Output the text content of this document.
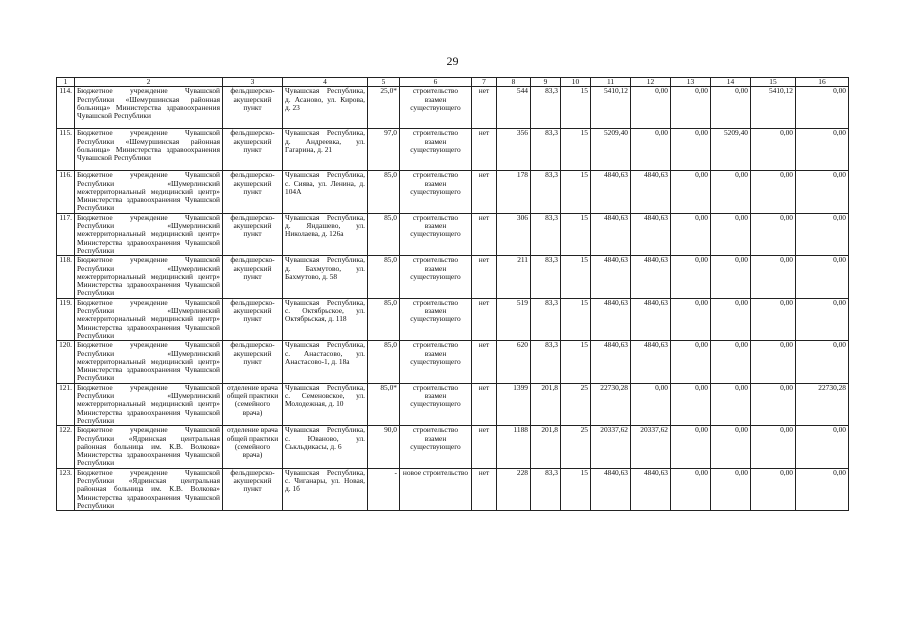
29
1	2	3	4	5	6	7	8	9	10	11	12	13	14	15	16
114.	Бюджетное учреждение Чувашской Республики «Шемуршинская районная больница» Министерства здравоохранения Чувашской Республики	фельдшерско-акушерский пункт	Чувашская Республика, д. Асаново, ул. Кирова, д. 23	25,0*	строительство взамен существующего	нет	544	83,3	15	5410,12	0,00	0,00	0,00	5410,12	0,00
115.	Бюджетное учреждение Чувашской Республики «Шемуршинская районная больница» Министерства здравоохранения Чувашской Республики	фельдшерско-акушерский пункт	Чувашская Республика, д. Андреевка, ул. Гагарина, д. 21	97,0	строительство взамен существующего	нет	356	83,3	15	5209,40	0,00	0,00	5209,40	0,00	0,00
116.	Бюджетное учреждение Чувашской Республики «Шумерлинский межтерриториальный медицинский центр» Министерства здравоохранения Чувашской Республики	фельдшерско-акушерский пункт	Чувашская Республика, с. Сиява, ул. Ленина, д. 104А	85,0	строительство взамен существующего	нет	178	83,3	15	4840,63	4840,63	0,00	0,00	0,00	0,00
117.	Бюджетное учреждение Чувашской Республики «Шумерлинский межтерриториальный медицинский центр» Министерства здравоохранения Чувашской Республики	фельдшерско-акушерский пункт	Чувашская Республика, д. Яндашево, ул. Николаева, д. 126а	85,0	строительство взамен существующего	нет	306	83,3	15	4840,63	4840,63	0,00	0,00	0,00	0,00
118.	Бюджетное учреждение Чувашской Республики «Шумерлинский межтерриториальный медицинский центр» Министерства здравоохранения Чувашской Республики	фельдшерско-акушерский пункт	Чувашская Республика, д. Бахмутово, ул. Бахмутово, д. 58	85,0	строительство взамен существующего	нет	211	83,3	15	4840,63	4840,63	0,00	0,00	0,00	0,00
119.	Бюджетное учреждение Чувашской Республики «Шумерлинский межтерриториальный медицинский центр» Министерства здравоохранения Чувашской Республики	фельдшерско-акушерский пункт	Чувашская Республика, с. Октябрьское, ул. Октябрьская, д. 118	85,0	строительство взамен существующего	нет	519	83,3	15	4840,63	4840,63	0,00	0,00	0,00	0,00
120.	Бюджетное учреждение Чувашской Республики «Шумерлинский межтерриториальный медицинский центр» Министерства здравоохранения Чувашской Республики	фельдшерско-акушерский пункт	Чувашская Республика, с. Анастасово, ул. Анастасово-1, д. 18а	85,0	строительство взамен существующего	нет	620	83,3	15	4840,63	4840,63	0,00	0,00	0,00	0,00
121.	Бюджетное учреждение Чувашской Республики «Шумерлинский межтерриториальный медицинский центр» Министерства здравоохранения Чувашской Республики	отделение врача общей практики (семейного врача)	Чувашская Республика, с. Семеновское, ул. Молодежная, д. 10	85,0*	строительство взамен существующего	нет	1399	201,8	25	22730,28	0,00	0,00	0,00	0,00	22730,28
122.	Бюджетное учреждение Чувашской Республики «Ядринская центральная районная больница им. К.В. Волкова» Министерства здравоохранения Чувашской Республики	отделение врача общей практики (семейного врача)	Чувашская Республика, с. Юваново, ул. Ськльдикасы, д. 6	90,0	строительство взамен существующего	нет	1188	201,8	25	20337,62	20337,62	0,00	0,00	0,00	0,00
123.	Бюджетное учреждение Чувашской Республики «Ядринская центральная районная больница им. К.В. Волкова» Министерства здравоохранения Чувашской Республики	фельдшерско-акушерский пункт	Чувашская Республика, с. Чиганары, ул. Новая, д. 1б	-	новое строительство	нет	228	83,3	15	4840,63	4840,63	0,00	0,00	0,00	0,00
